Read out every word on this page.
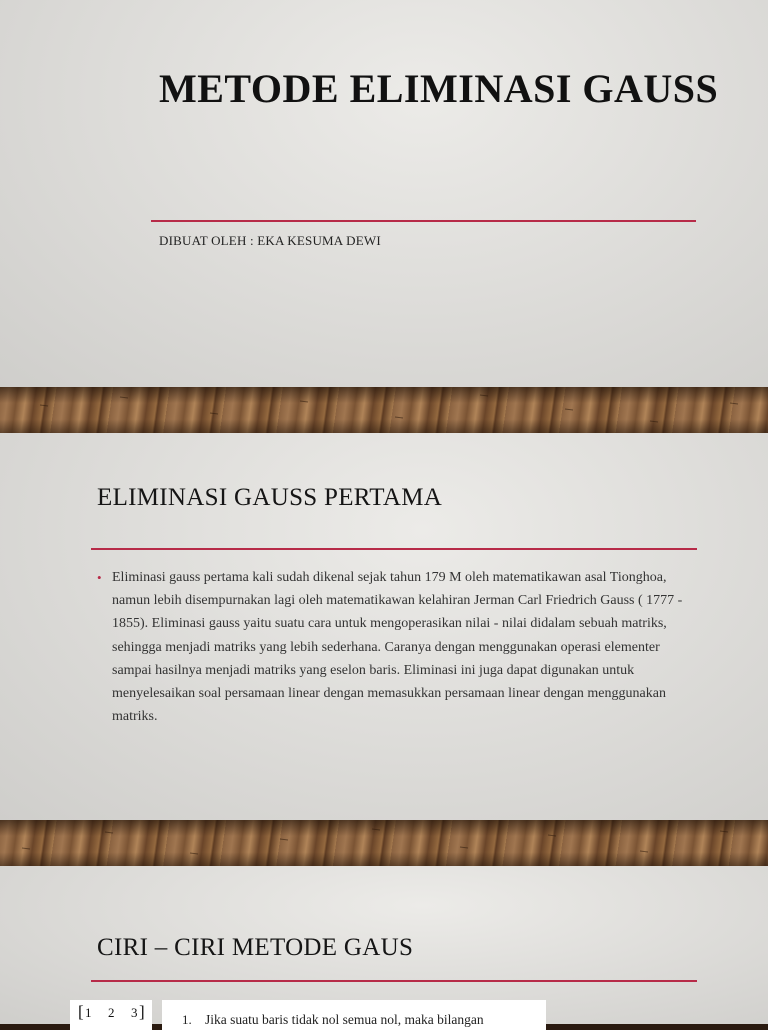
METODE ELIMINASI GAUSS
DIBUAT OLEH : EKA KESUMA DEWI
ELIMINASI GAUSS PERTAMA
• Eliminasi gauss pertama kali sudah dikenal sejak tahun 179 M oleh matematikawan asal Tionghoa, namun lebih disempurnakan lagi oleh matematikawan kelahiran Jerman Carl Friedrich Gauss ( 1777 - 1855). Eliminasi gauss yaitu suatu cara untuk mengoperasikan nilai - nilai didalam sebuah matriks, sehingga menjadi matriks yang lebih sederhana. Caranya dengan menggunakan operasi elementer sampai hasilnya menjadi matriks yang eselon baris. Eliminasi ini juga dapat digunakan untuk menyelesaikan soal persamaan linear dengan memasukkan persamaan linear dengan menggunakan matriks.
CIRI – CIRI METODE GAUS
[ 1 2 3 ]	1. Jika suatu baris tidak nol semua nol, maka bilangan
